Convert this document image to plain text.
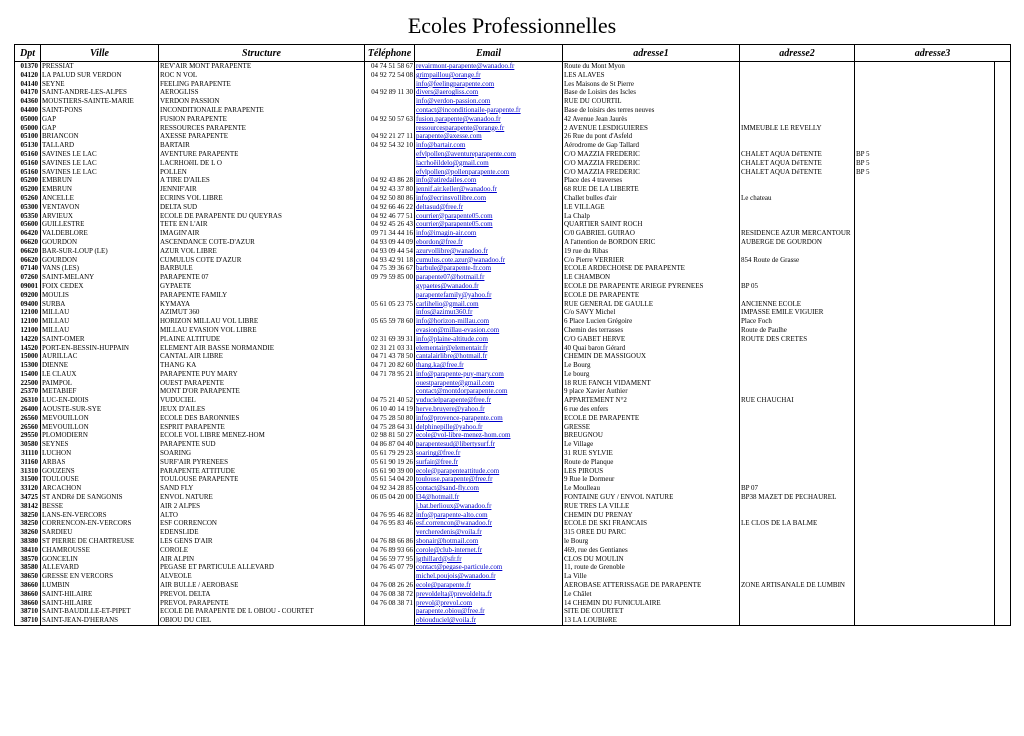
Ecoles Professionnelles
Dpt	Ville	Structure	Téléphone	Email	adresse1	adresse2	adresse3
01370	PRESSIAT	REV'AIR MONT PARAPENTE	04 74 51 58 67	revairmont-parapente@wanadoo.fr	Route du Mont Myon		
04120	LA PALUD SUR VERDON	ROC N VOL	04 92 72 54 08	grimpaillou@orange.fr	LES ALAVES		
04140	SEYNE	FEELING PARAPENTE		info@feelingparapente.com	Les Maisons de St Pierre		
04170	SAINT-ANDRE-LES-ALPES	AEROGLISS	04 92 89 11 30	divers@aerogliss.com	Base de Loisirs des Iscles		
04360	MOUSTIERS-SAINTE-MARIE	VERDON PASSION		info@verdon-passion.com	RUE DU COURTIL		
04400	SAINT-PONS	INCONDITIONAILE PARAPENTE		contact@inconditionaile-parapente.fr	Base de loisirs des terres neuves		
05000	GAP	FUSION PARAPENTE	04 92 50 57 63	fusion.parapente@wanadoo.fr	42 Avenue Jean Jaurès		
05000	GAP	RESSOURCES PARAPENTE		ressourcesparapente@orange.fr	2 AVENUE LESDIGUIERES	IMMEUBLE LE REVELLY	
05100	BRIANCON	AXESSE PARAPENTE	04 92 21 27 11	parapente@axesse.com	26 Rue du pont d'Asfeld		
05130	TALLARD	BARTAIR	04 92 54 32 10	info@bartair.com	Aérodrome de Gap Tallard		
05160	SAVINES LE LAC	AVENTURE PARAPENTE		efvlpollen@aventureparapente.com	C/O MAZZIA FREDERIC	CHALET AQUA DéTENTE	BP 5
05160	SAVINES LE LAC	LACRHOêIL DE L O		lacrhoêildelo@gmail.com	C/O MAZZIA FREDERIC	CHALET AQUA DéTENTE	BP 5
05160	SAVINES LE LAC	POLLEN		efvlpollen@pollenparapente.com	C/O MAZZIA FREDERIC	CHALET AQUA DéTENTE	BP 5
05200	EMBRUN	A TIRE D'AILES	04 92 43 86 28	info@atiredailes.com	Place des 4 traverses		
05200	EMBRUN	JENNIF'AIR	04 92 43 37 80	jennif.air.keller@wanadoo.fr	68 RUE DE LA LIBERTE		
05260	ANCELLE	ECRINS VOL LIBRE	04 92 50 80 86	info@ecrinsvollibre.com	Challet bulles d'air	Le chateau	
05300	VENTAVON	DELTA SUD	04 92 66 46 22	deltasud@free.fr	LE VILLAGE		
05350	ARVIEUX	ECOLE DE PARAPENTE DU QUEYRAS	04 92 46 77 51	courrier@parapente05.com	La Chalp		
05600	GUILLESTRE	TETE EN L'AIR	04 92 45 26 43	courrier@parapente05.com	QUARTIER SAINT ROCH		
06420	VALDEBLORE	IMAGIN'AIR	09 71 34 44 16	info@imagin-air.com	C/0 GABRIEL GUIRAO	RESIDENCE AZUR MERCANTOUR	
06620	GOURDON	ASCENDANCE COTE-D'AZUR	04 93 09 44 09	ebordon@free.fr	A l'attention de BORDON ERIC	AUBERGE DE GOURDON	
06620	BAR-SUR-LOUP (LE)	AZUR VOL LIBRE	04 93 09 44 54	azurvollibre@wanadoo.fr	19 rue du Ribas		
06620	GOURDON	CUMULUS COTE D'AZUR	04 93 42 91 18	cumulus.cote.azur@wanadoo.fr	C/o Pierre VERRIER	854 Route de Grasse	
07140	VANS (LES)	BARBULE	04 75 39 36 67	barbule@parapente-fr.com	ECOLE ARDECHOISE DE PARAPENTE		
07260	SAINT-MELANY	PARAPENTE 07	09 79 59 85 00	parapente07@hotmail.fr	LE CHAMBON		
09001	FOIX CEDEX	GYPAETE		gypaetes@wanadoo.fr	ECOLE DE PARAPENTE ARIEGE PYRENEES	BP 05	
09200	MOULIS	PARAPENTE FAMILY		parapentefamily@yahoo.fr	ECOLE DE PARAPENTE		
09400	SURBA	KYMAYA	05 61 05 23 75	carlihelio@gmail.com	RUE GENERAL DE GAULLE	ANCIENNE ECOLE	
12100	MILLAU	AZIMUT 360		infos@azimut360.fr	C/o SAVY Michel	IMPASSE EMILE VIGUIER	
12100	MILLAU	HORIZON MILLAU VOL LIBRE	05 65 59 78 60	info@horizon-millau.com	6 Place Lucien Grégoire	Place Foch	
12100	MILLAU	MILLAU EVASION VOL LIBRE		evasion@millau-evasion.com	Chemin des terrasses	Route de Paulhe	
14220	SAINT-OMER	PLAINE ALTITUDE	02 31 69 39 31	info@plaine-altitude.com	C/O GABET HERVE	ROUTE DES CRETES	
14520	PORT-EN-BESSIN-HUPPAIN	ELEMENT AIR BASSE NORMANDIE	02 31 21 03 31	elementair@elementair.fr	40 Quai baron Gérard		
15000	AURILLAC	CANTAL AIR LIBRE	04 71 43 78 50	cantalairlibre@hotmail.fr	CHEMIN DE MASSIGOUX		
15300	DIENNE	THANG KA	04 71 20 82 60	thang.ka@free.fr	Le Bourg		
15400	LE CLAUX	PARAPENTE PUY MARY	04 71 78 95 21	info@parapente-puy-mary.com	Le bourg		
22500	PAIMPOL	OUEST PARAPENTE		ouestparapente@gmail.com	18 RUE FANCH VIDAMENT		
25370	METABIEF	MONT D'OR PARAPENTE		contact@montdorparapente.com	9 place Xavier Authier		
26310	LUC-EN-DIOIS	VUDUCIEL	04 75 21 40 52	vuducielparapente@free.fr	APPARTEMENT N°2	RUE CHAUCHAI	
26400	AOUSTE-SUR-SYE	JEUX D'AILES	06 10 40 14 19	herve.bruyere@yahoo.fr	6 rue des enfers		
26560	MEVOUILLON	ECOLE DES BARONNIES	04 75 28 50 80	info@provence-parapente.com	ECOLE DE PARAPENTE		
26560	MEVOUILLON	ESPRIT PARAPENTE	04 75 28 64 31	delphinepille@yahoo.fr	GRESSE		
29550	PLOMODIERN	ECOLE VOL LIBRE MENEZ-HOM	02 98 81 50 27	ecole@vol-libre-menez-hom.com	BREUGNOU		
30580	SEYNES	PARAPENTE SUD	04 86 87 04 40	parapentesud@libertysurf.fr	Le Village		
31110	LUCHON	SOARING	05 61 79 29 23	soaring@free.fr	31 RUE SYLVIE		
31160	ARBAS	SURF'AIR PYRENEES	05 61 90 19 26	surfair@free.fr	Route de Planque		
31310	GOUZENS	PARAPENTE ATTITUDE	05 61 90 39 00	ecole@parapenteattitude.com	LES PIROUS		
31500	TOULOUSE	TOULOUSE PARAPENTE	05 61 54 04 20	toulouse.parapente@free.fr	9 Rue le Dormeur		
33120	ARCACHON	SAND FLY	04 92 34 28 85	contact@sand-fly.com	Le Moulleau	BP 07	
34725	ST ANDRé DE SANGONIS	ENVOL NATURE	06 05 04 20 00	l34@hotmail.fr	FONTAINE GUY / ENVOL NATURE	BP38 MAZET DE PECHAUREL	
38142	BESSE	AIR 2 ALPES		j.bat.berlioux@wanadoo.fr	RUE TRES LA VILLE		
38250	LANS-EN-VERCORS	ALTO	04 76 95 46 82	info@parapente-alto.com	CHEMIN DU PRENAY		
38250	CORRENCON-EN-VERCORS	ESF CORRENCON	04 76 95 83 46	esf.correncon@wanadoo.fr	ECOLE DE SKI FRANCAIS	LE CLOS DE LA BALME	
38260	SARDIEU	EDENSLIDE		vercheredenis@voila.fr	315 OREE DU PARC		
38380	ST PIERRE DE CHARTREUSE	LES GENS D'AIR	04 76 88 66 86	sbonair@hotmail.com	le Bourg		
38410	CHAMROUSSE	COROLE	04 76 89 93 66	corole@club-internet.fr	469, rue des Gentianes		
38570	GONCELIN	AIR ALPIN	04 56 59 77 95	jgthillard@sfr.fr	CLOS DU MOULIN		
38580	ALLEVARD	PEGASE ET PARTICULE ALLEVARD	04 76 45 07 79	contact@pegase-particule.com	11, route de Grenoble		
38650	GRESSE EN VERCORS	ALVEOLE		michel.poujois@wanadoo.fr	La Ville		
38660	LUMBIN	AIR BULLE / AEROBASE	04 76 08 26 26	ecole@parapente.fr	AEROBASE ATTERISSAGE DE PARAPENTE	ZONE ARTISANALE DE LUMBIN	
38660	SAINT-HILAIRE	PREVOL DELTA	04 76 08 38 72	prevoldelta@prevoldelta.fr	Le Châlet		
38660	SAINT-HILAIRE	PREVOL PARAPENTE	04 76 08 38 71	prevol@prevol.com	14 CHEMIN DU FUNICULAIRE		
38710	SAINT-BAUDILLE-ET-PIPET	ECOLE DE PARAPENTE DE L OBIOU - COURTET		parapente.obiou@free.fr	SITE DE COURTET		
38710	SAINT-JEAN-D'HERANS	OBIOU DU CIEL		obiouduciel@voila.fr	13 LA LOUBIèRE		
